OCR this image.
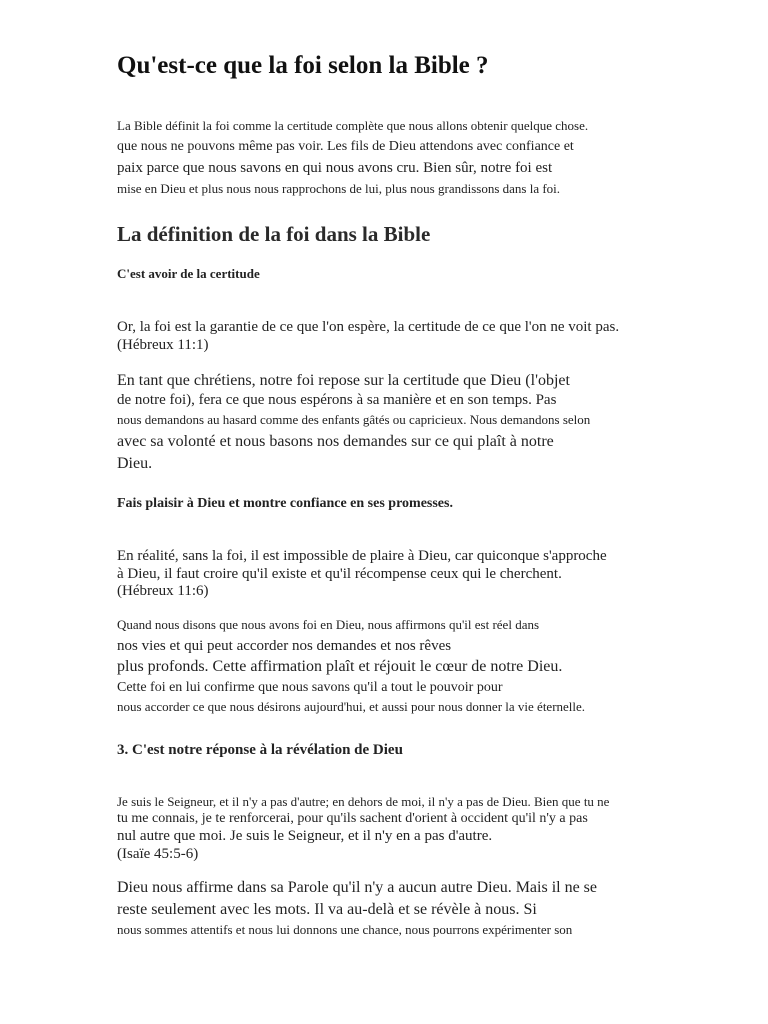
Qu'est-ce que la foi selon la Bible ?
La Bible définit la foi comme la certitude complète que nous allons obtenir quelque chose.
que nous ne pouvons même pas voir. Les fils de Dieu attendons avec confiance et
paix parce que nous savons en qui nous avons cru. Bien sûr, notre foi est
mise en Dieu et plus nous nous rapprochons de lui, plus nous grandissons dans la foi.
La définition de la foi dans la Bible
C'est avoir de la certitude
Or, la foi est la garantie de ce que l'on espère, la certitude de ce que l'on ne voit pas.
(Hébreux 11:1)
En tant que chrétiens, notre foi repose sur la certitude que Dieu (l'objet
de notre foi), fera ce que nous espérons à sa manière et en son temps. Pas
nous demandons au hasard comme des enfants gâtés ou capricieux. Nous demandons selon
avec sa volonté et nous basons nos demandes sur ce qui plaît à notre
Dieu.
Fais plaisir à Dieu et montre confiance en ses promesses.
En réalité, sans la foi, il est impossible de plaire à Dieu, car quiconque s'approche
à Dieu, il faut croire qu'il existe et qu'il récompense ceux qui le cherchent.
(Hébreux 11:6)
Quand nous disons que nous avons foi en Dieu, nous affirmons qu'il est réel dans
nos vies et qui peut accorder nos demandes et nos rêves
plus profonds. Cette affirmation plaît et réjouit le cœur de notre Dieu.
Cette foi en lui confirme que nous savons qu'il a tout le pouvoir pour
nous accorder ce que nous désirons aujourd'hui, et aussi pour nous donner la vie éternelle.
3. C'est notre réponse à la révélation de Dieu
Je suis le Seigneur, et il n'y a pas d'autre; en dehors de moi, il n'y a pas de Dieu. Bien que tu ne
tu me connais, je te renforcerai, pour qu'ils sachent d'orient à occident qu'il n'y a pas
nul autre que moi. Je suis le Seigneur, et il n'y en a pas d'autre.
(Isaïe 45:5-6)
Dieu nous affirme dans sa Parole qu'il n'y a aucun autre Dieu. Mais il ne se
reste seulement avec les mots. Il va au-delà et se révèle à nous. Si
nous sommes attentifs et nous lui donnons une chance, nous pourrons expérimenter son
